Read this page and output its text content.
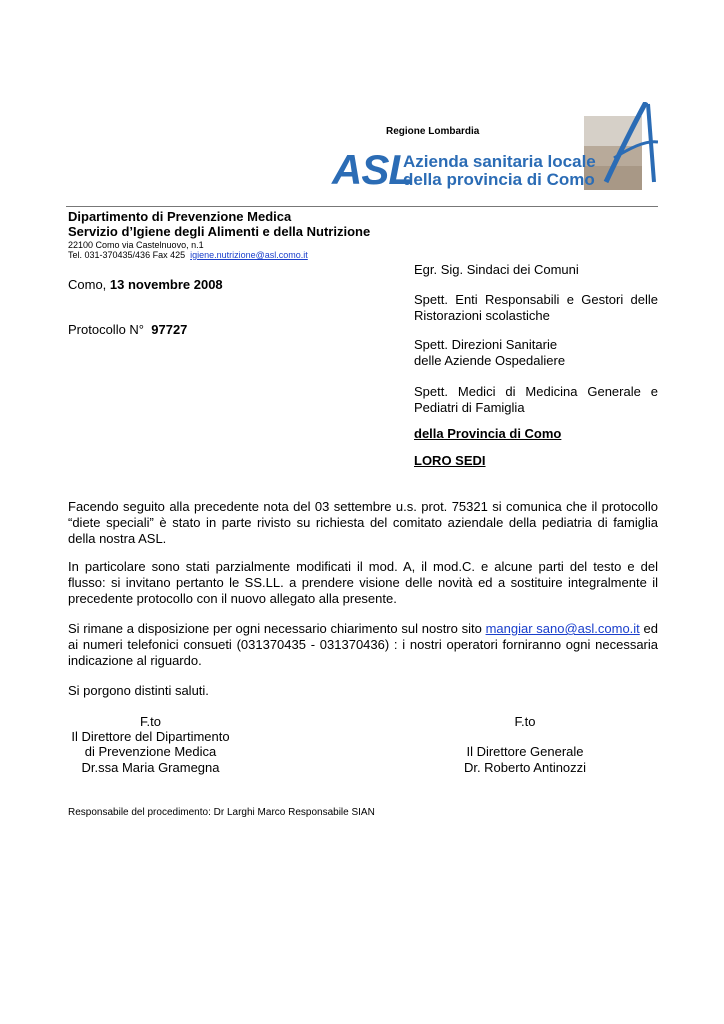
Regione Lombardia
ASL
Azienda sanitaria locale
della provincia di Como
Dipartimento di Prevenzione Medica
Servizio d’Igiene degli Alimenti e della Nutrizione
22100 Como via Castelnuovo, n.1
Tel. 031-370435/436 Fax 425 igiene.nutrizione@asl.como.it
Como, 13 novembre 2008
Protocollo N° 97727
Egr. Sig. Sindaci dei Comuni
Spett. Enti Responsabili e Gestori delle Ristorazioni scolastiche
Spett. Direzioni Sanitarie
delle Aziende Ospedaliere
Spett. Medici di Medicina Generale e Pediatri di Famiglia
della Provincia di Como
LORO SEDI
Facendo seguito alla precedente nota del 03 settembre u.s. prot. 75321 si comunica che il protocollo “diete speciali” è stato in parte rivisto su richiesta del comitato aziendale della pediatria di famiglia della nostra ASL.
In particolare sono stati parzialmente modificati il mod. A, il mod.C. e alcune parti del testo e del flusso: si invitano pertanto le SS.LL. a prendere visione delle novità ed a sostituire integralmente il precedente protocollo con il nuovo allegato alla presente.
Si rimane a disposizione per ogni necessario chiarimento sul nostro sito mangiar sano@asl.como.it ed ai numeri telefonici consueti (031370435 - 031370436) : i nostri operatori forniranno ogni necessaria indicazione al riguardo.
Si porgono distinti saluti.
F.to
Il Direttore del Dipartimento
di Prevenzione Medica
Dr.ssa Maria Gramegna
F.to
Il Direttore Generale
Dr. Roberto Antinozzi
Responsabile del procedimento: Dr Larghi Marco Responsabile SIAN
